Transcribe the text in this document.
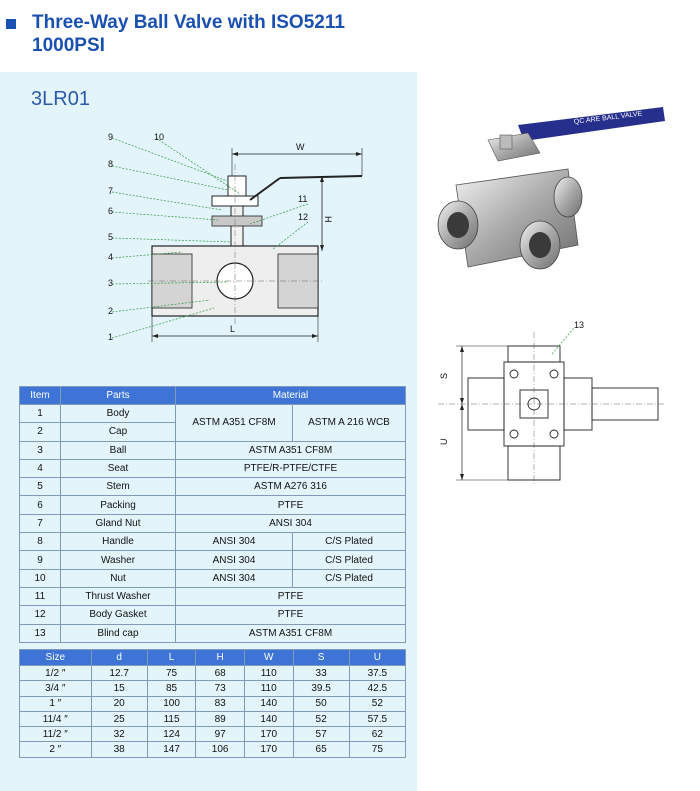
Three-Way Ball Valve with ISO5211
1000PSI
3LR01
W
H
L
9	10
8
7
6
5
4
3
2
1
11
12
QC ARE BALL VALVE
S
U
13
Item	Parts	Material	
1	Body	ASTM A351 CF8M	ASTM A 216 WCB
2	Cap		
3	Ball	ASTM A351 CF8M	
4	Seat	PTFE/R-PTFE/CTFE	
5	Stem	ASTM A276 316	
6	Packing	PTFE	
7	Gland Nut	ANSI 304	
8	Handle	ANSI 304	C/S Plated
9	Washer	ANSI 304	C/S Plated
10	Nut	ANSI 304	C/S Plated
11	Thrust Washer	PTFE	
12	Body Gasket	PTFE	
13	Blind cap	ASTM A351 CF8M	
Size	d	L	H	W	S	U
1/2 ″	12.7	75	68	110	33	37.5
3/4 ″	15	85	73	110	39.5	42.5
1 ″	20	100	83	140	50	52
11/4 ″	25	115	89	140	52	57.5
11/2 ″	32	124	97	170	57	62
2 ″	38	147	106	170	65	75
